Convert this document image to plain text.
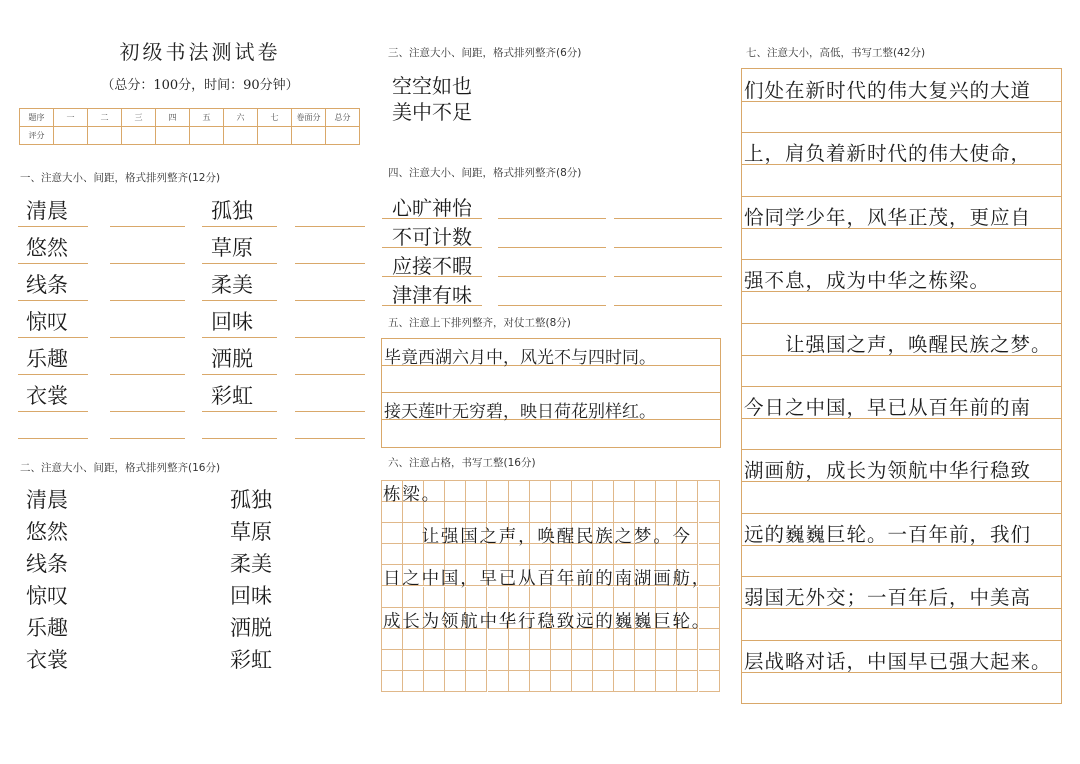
初级书法测试卷
（总分：100分，时间：90分钟）
题序	一	二	三	四	五	六	七	卷面分	总分
评分									
一、注意大小、间距，格式排列整齐(12分)
清晨	孤独
悠然	草原
线条	柔美
惊叹	回味
乐趣	洒脱
衣裳	彩虹
二、注意大小、间距，格式排列整齐(16分)
清晨	孤独
悠然	草原
线条	柔美
惊叹	回味
乐趣	洒脱
衣裳	彩虹
三、注意大小、间距，格式排列整齐(6分)
空空如也
美中不足
四、注意大小、间距，格式排列整齐(8分)
心旷神怡
不可计数
应接不暇
津津有味
五、注意上下排列整齐，对仗工整(8分)
毕竟西湖六月中，风光不与四时同。
接天莲叶无穷碧，映日荷花别样红。
六、注意占格，书写工整(16分)
栋梁。
　　让强国之声，唤醒民族之梦。今
日之中国，早已从百年前的南湖画舫，
成长为领航中华行稳致远的巍巍巨轮。
七、注意大小，高低，书写工整(42分)
们处在新时代的伟大复兴的大道
上，肩负着新时代的伟大使命，
恰同学少年，风华正茂，更应自
强不息，成为中华之栋梁。
　　让强国之声，唤醒民族之梦。
今日之中国，早已从百年前的南
湖画舫，成长为领航中华行稳致
远的巍巍巨轮。一百年前，我们
弱国无外交；一百年后，中美高
层战略对话，中国早已强大起来。
